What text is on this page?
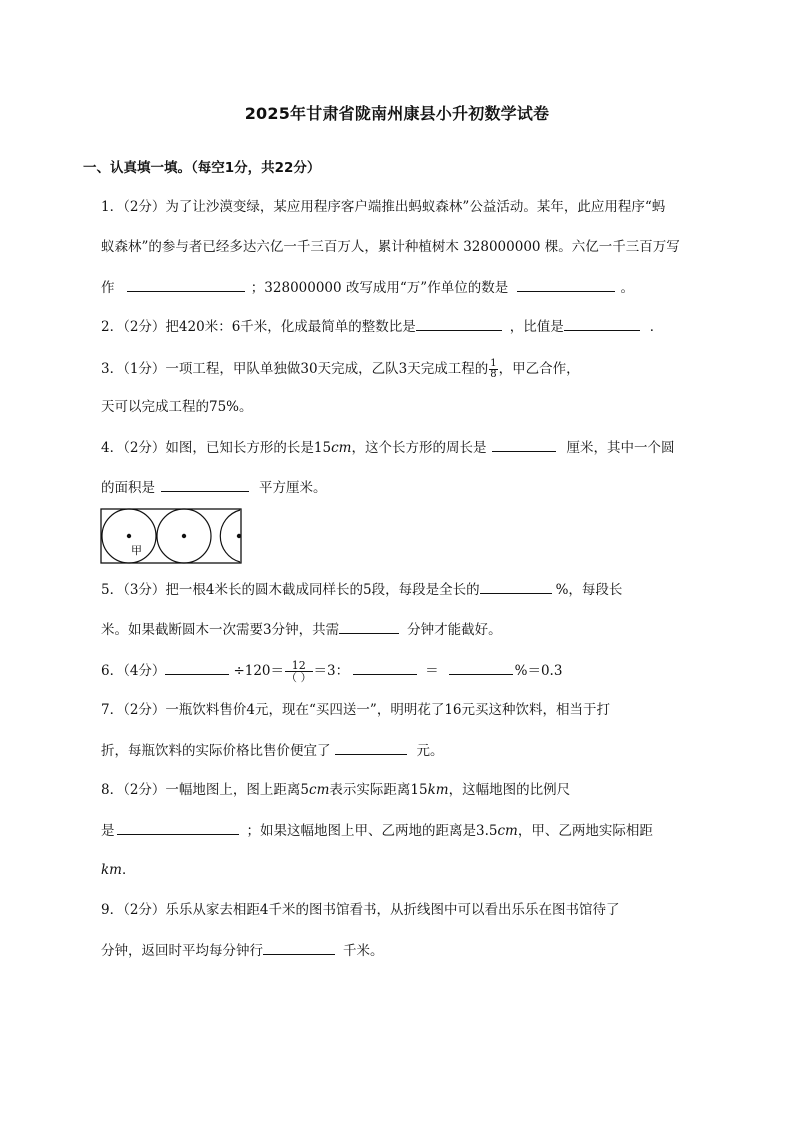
2025年甘肃省陇南州康县小升初数学试卷
一、认真填一填。（每空1分，共22分）
1．（2分）为了让沙漠变绿，某应用程序客户端推出蚂蚁森林”公益活动。某年，此应用程序“蚂
蚁森林”的参与者已经多达六亿一千三百万人，累计种植树木 328000000 棵。六亿一千三百万写
作	；328000000 改写成用“万”作单位的数是	。
2．（2分）把420米：6千米，化成最简单的整数比是	，比值是	．
3．（1分）一项工程，甲队单独做30天完成，乙队3天完成工程的 $\frac{1}{8}$ ，甲乙合作，
天可以完成工程的75%。
4．（2分）如图，已知长方形的长是15cm，这个长方形的周长是	厘米，其中一个圆
的面积是	平方厘米。
甲
5．（3分）把一根4米长的圆木截成同样长的5段，每段是全长的	%，每段长
米。如果截断圆木一次需要3分钟，共需	分钟才能截好。
6．（4分）	$\div 120= \frac{12}{( )} =3$：	＝	%＝0.3
7．（2分）一瓶饮料售价4元，现在“买四送一”，明明花了16元买这种饮料，相当于打
折，每瓶饮料的实际价格比售价便宜了	元。
8．（2分）一幅地图上，图上距离5cm表示实际距离15km，这幅地图的比例尺
是	；如果这幅地图上甲、乙两地的距离是3.5cm，甲、乙两地实际相距
km．
9．（2分）乐乐从家去相距4千米的图书馆看书，从折线图中可以看出乐乐在图书馆待了
分钟，返回时平均每分钟行	千米。
